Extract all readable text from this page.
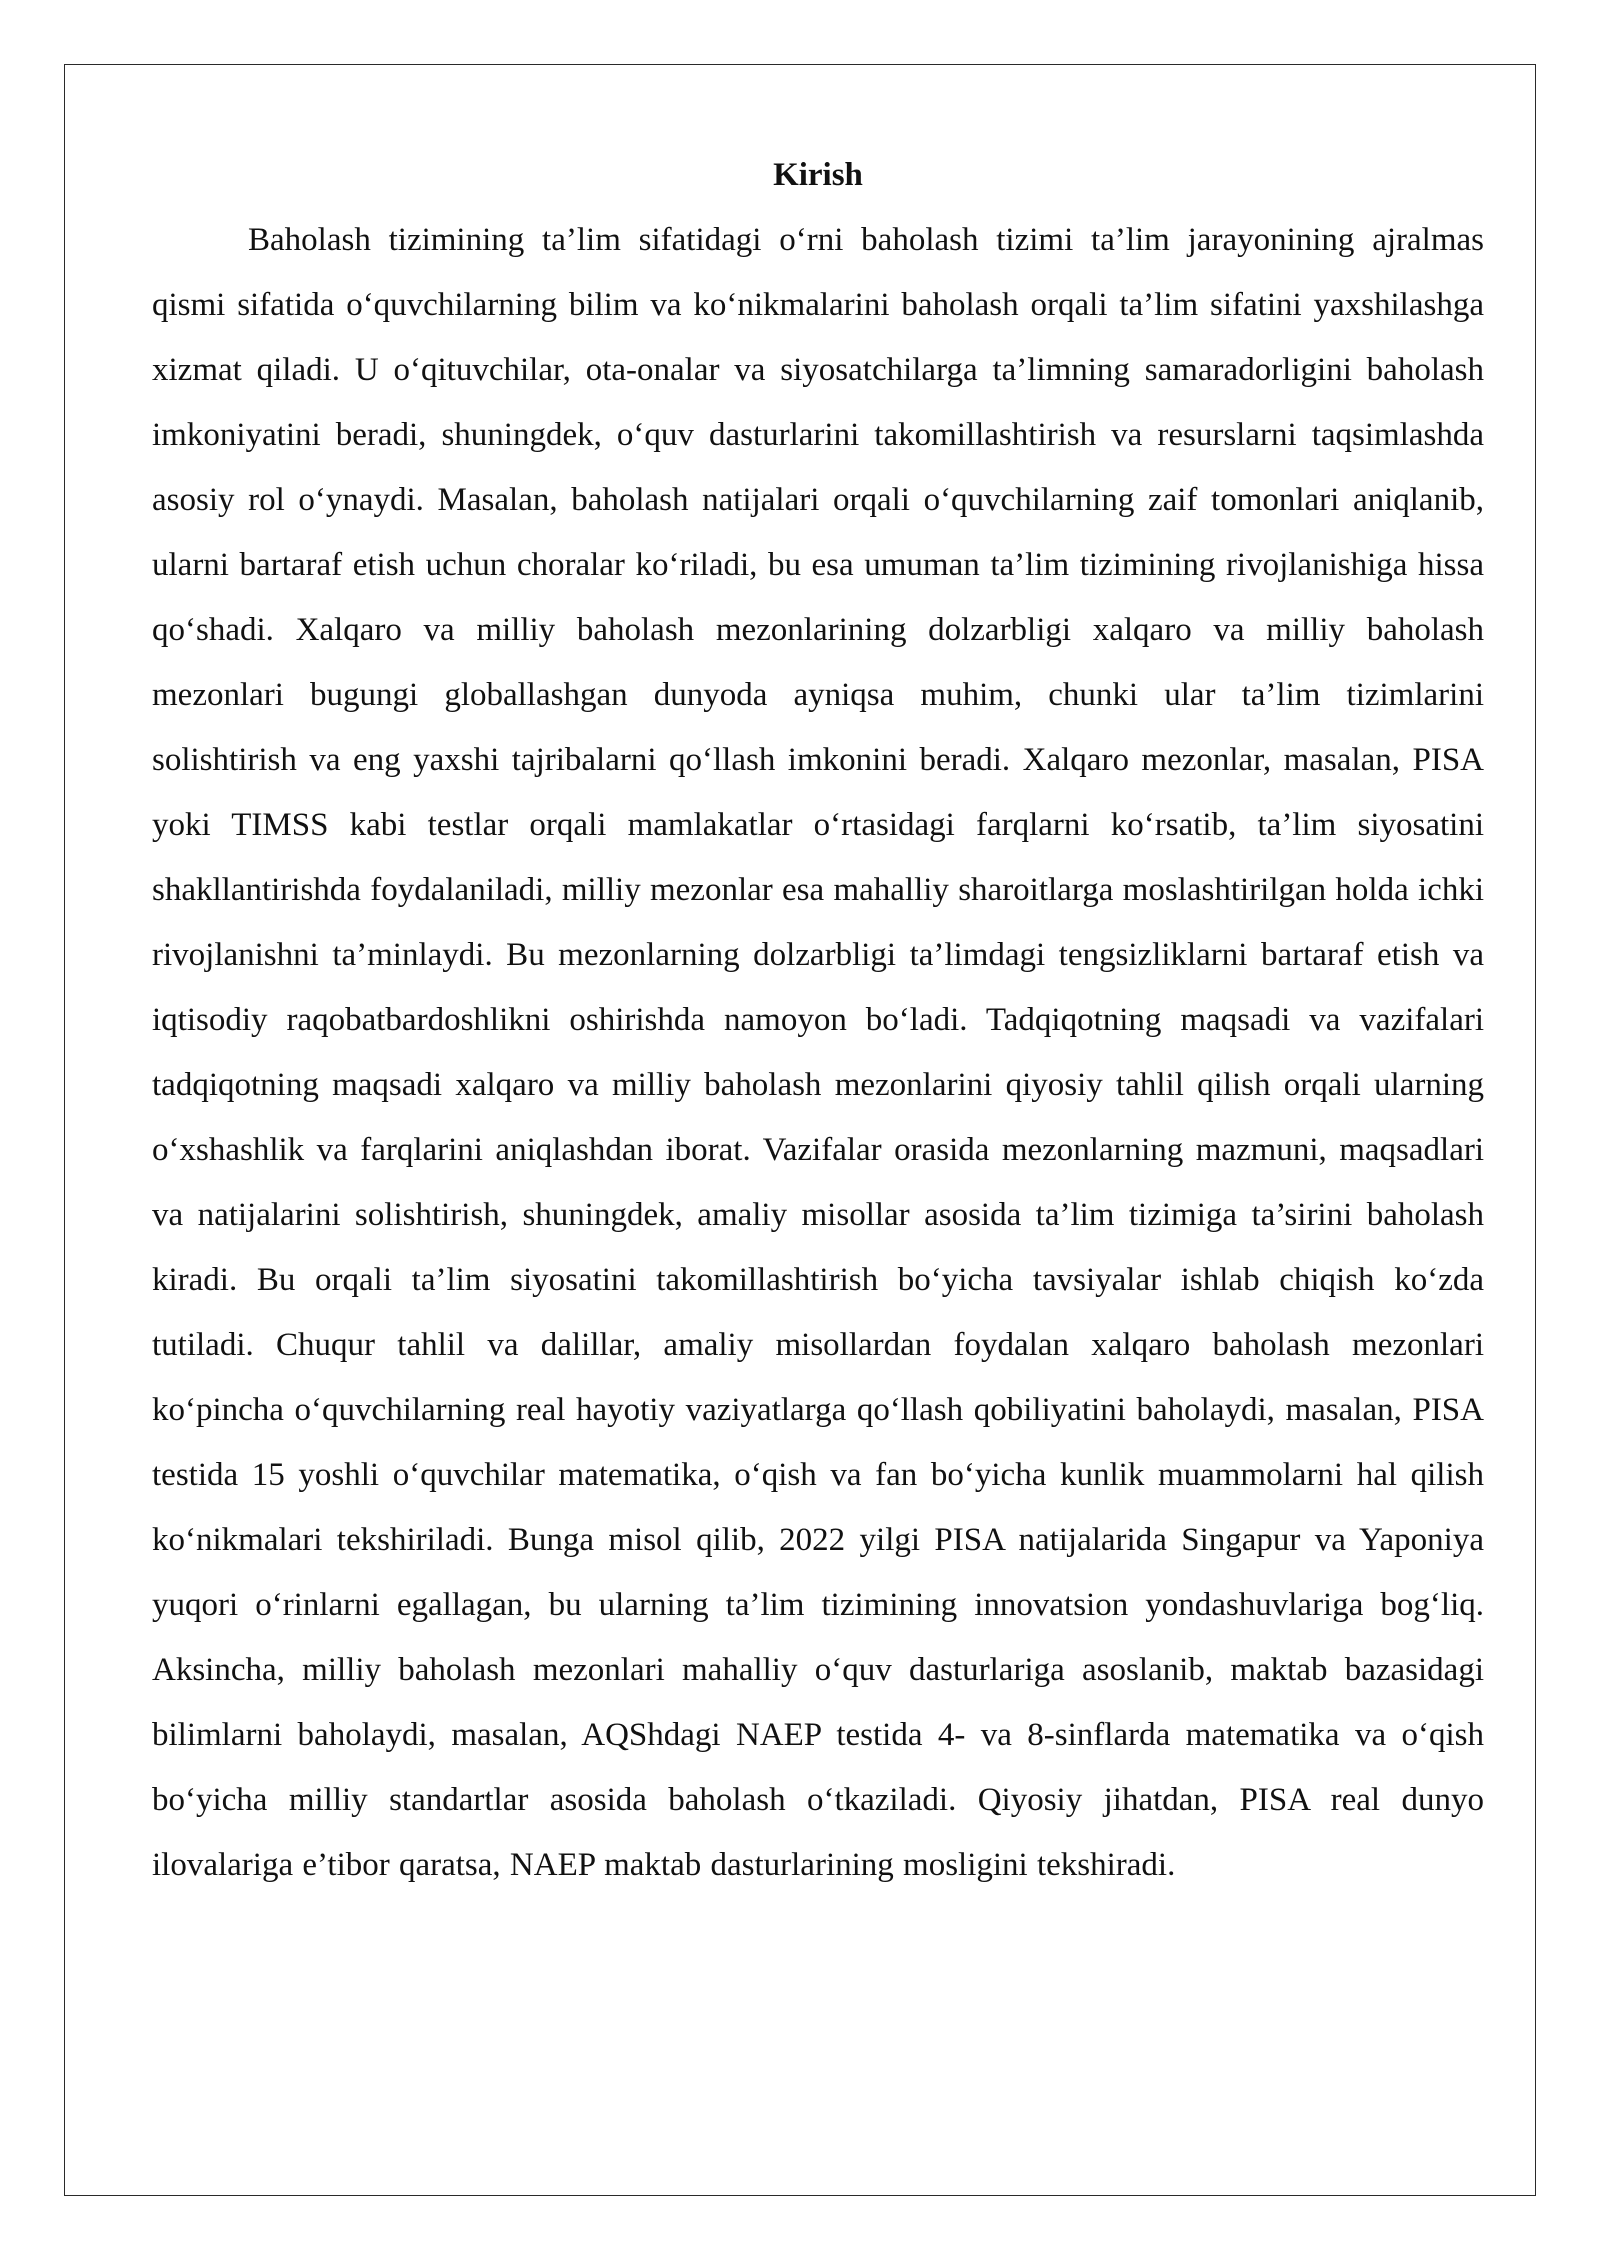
Kirish

Baholash tizimining ta’lim sifatidagi o‘rni baholash tizimi ta’lim jarayonining ajralmas qismi sifatida o‘quvchilarning bilim va ko‘nikmalarini baholash orqali ta’lim sifatini yaxshilashga xizmat qiladi. U o‘qituvchilar, ota-onalar va siyosatchilarga ta’limning samaradorligini baholash imkoniyatini beradi, shuningdek, o‘quv dasturlarini takomillashtirish va resurslarni taqsimlashda asosiy rol o‘ynaydi. Masalan, baholash natijalari orqali o‘quvchilarning zaif tomonlari aniqlanib, ularni bartaraf etish uchun choralar ko‘riladi, bu esa umuman ta’lim tizimining rivojlanishiga hissa qo‘shadi. Xalqaro va milliy baholash mezonlarining dolzarbligi xalqaro va milliy baholash mezonlari bugungi globallashgan dunyoda ayniqsa muhim, chunki ular ta’lim tizimlarini solishtirish va eng yaxshi tajribalarni qo‘llash imkonini beradi. Xalqaro mezonlar, masalan, PISA yoki TIMSS kabi testlar orqali mamlakatlar o‘rtasidagi farqlarni ko‘rsatib, ta’lim siyosatini shakllantirishda foydalaniladi, milliy mezonlar esa mahalliy sharoitlarga moslashtirilgan holda ichki rivojlanishni ta’minlaydi. Bu mezonlarning dolzarbligi ta’limdagi tengsizliklarni bartaraf etish va iqtisodiy raqobatbardoshlikni oshirishda namoyon bo‘ladi. Tadqiqotning maqsadi va vazifalari tadqiqotning maqsadi xalqaro va milliy baholash mezonlarini qiyosiy tahlil qilish orqali ularning o‘xshashlik va farqlarini aniqlashdan iborat. Vazifalar orasida mezonlarning mazmuni, maqsadlari va natijalarini solishtirish, shuningdek, amaliy misollar asosida ta’lim tizimiga ta’sirini baholash kiradi. Bu orqali ta’lim siyosatini takomillashtirish bo‘yicha tavsiyalar ishlab chiqish ko‘zda tutiladi. Chuqur tahlil va dalillar, amaliy misollardan foydalan xalqaro baholash mezonlari ko‘pincha o‘quvchilarning real hayotiy vaziyatlarga qo‘llash qobiliyatini baholaydi, masalan, PISA testida 15 yoshli o‘quvchilar matematika, o‘qish va fan bo‘yicha kunlik muammolarni hal qilish ko‘nikmalari tekshiriladi. Bunga misol qilib, 2022 yilgi PISA natijalarida Singapur va Yaponiya yuqori o‘rinlarni egallagan, bu ularning ta’lim tizimining innovatsion yondashuvlariga bog‘liq. Aksincha, milliy baholash mezonlari mahalliy o‘quv dasturlariga asoslanib, maktab bazasidagi bilimlarni baholaydi, masalan, AQShdagi NAEP testida 4- va 8-sinflarda matematika va o‘qish bo‘yicha milliy standartlar asosida baholash o‘tkaziladi. Qiyosiy jihatdan, PISA real dunyo ilovalariga e’tibor qaratsa, NAEP maktab dasturlarining mosligini tekshiradi.
